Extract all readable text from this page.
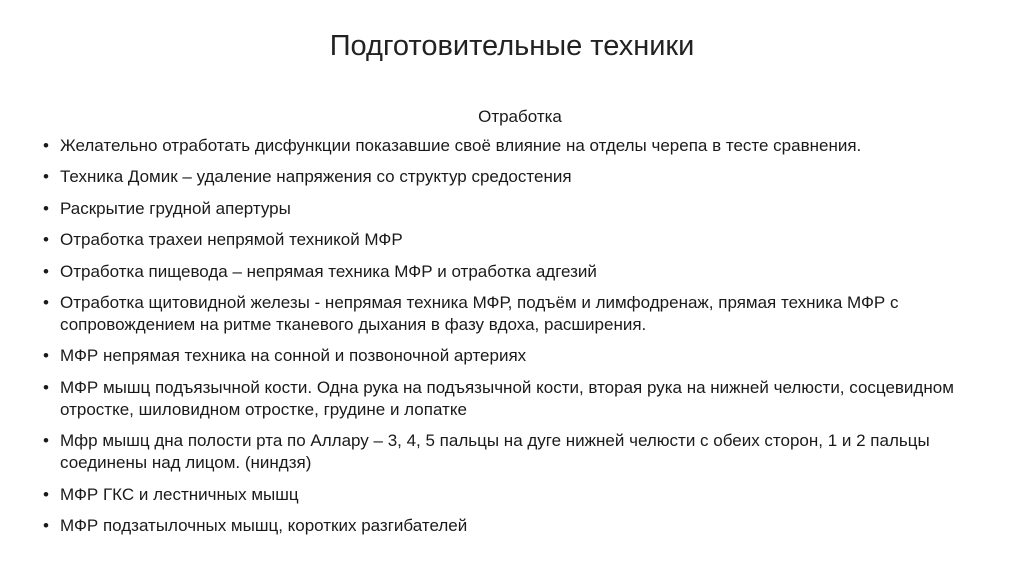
Подготовительные техники

Отработка

• Желательно отработать дисфункции показавшие своё влияние на отделы черепа в тесте сравнения.
• Техника Домик – удаление напряжения со структур средостения
• Раскрытие грудной апертуры
• Отработка трахеи непрямой техникой МФР
• Отработка пищевода – непрямая техника МФР и отработка адгезий
• Отработка щитовидной железы - непрямая техника МФР, подъём и лимфодренаж, прямая техника МФР с сопровождением на ритме тканевого дыхания в фазу вдоха, расширения.
• МФР непрямая техника на сонной и позвоночной артериях
• МФР мышц подъязычной кости. Одна рука на подъязычной кости, вторая рука на нижней челюсти, сосцевидном отростке, шиловидном отростке, грудине и лопатке
• Мфр мышц дна полости рта по Аллару – 3, 4, 5 пальцы на дуге нижней челюсти с обеих сторон, 1 и 2 пальцы соединены над лицом. (ниндзя)
• МФР ГКС и лестничных мышц
• МФР подзатылочных мышц, коротких разгибателей
